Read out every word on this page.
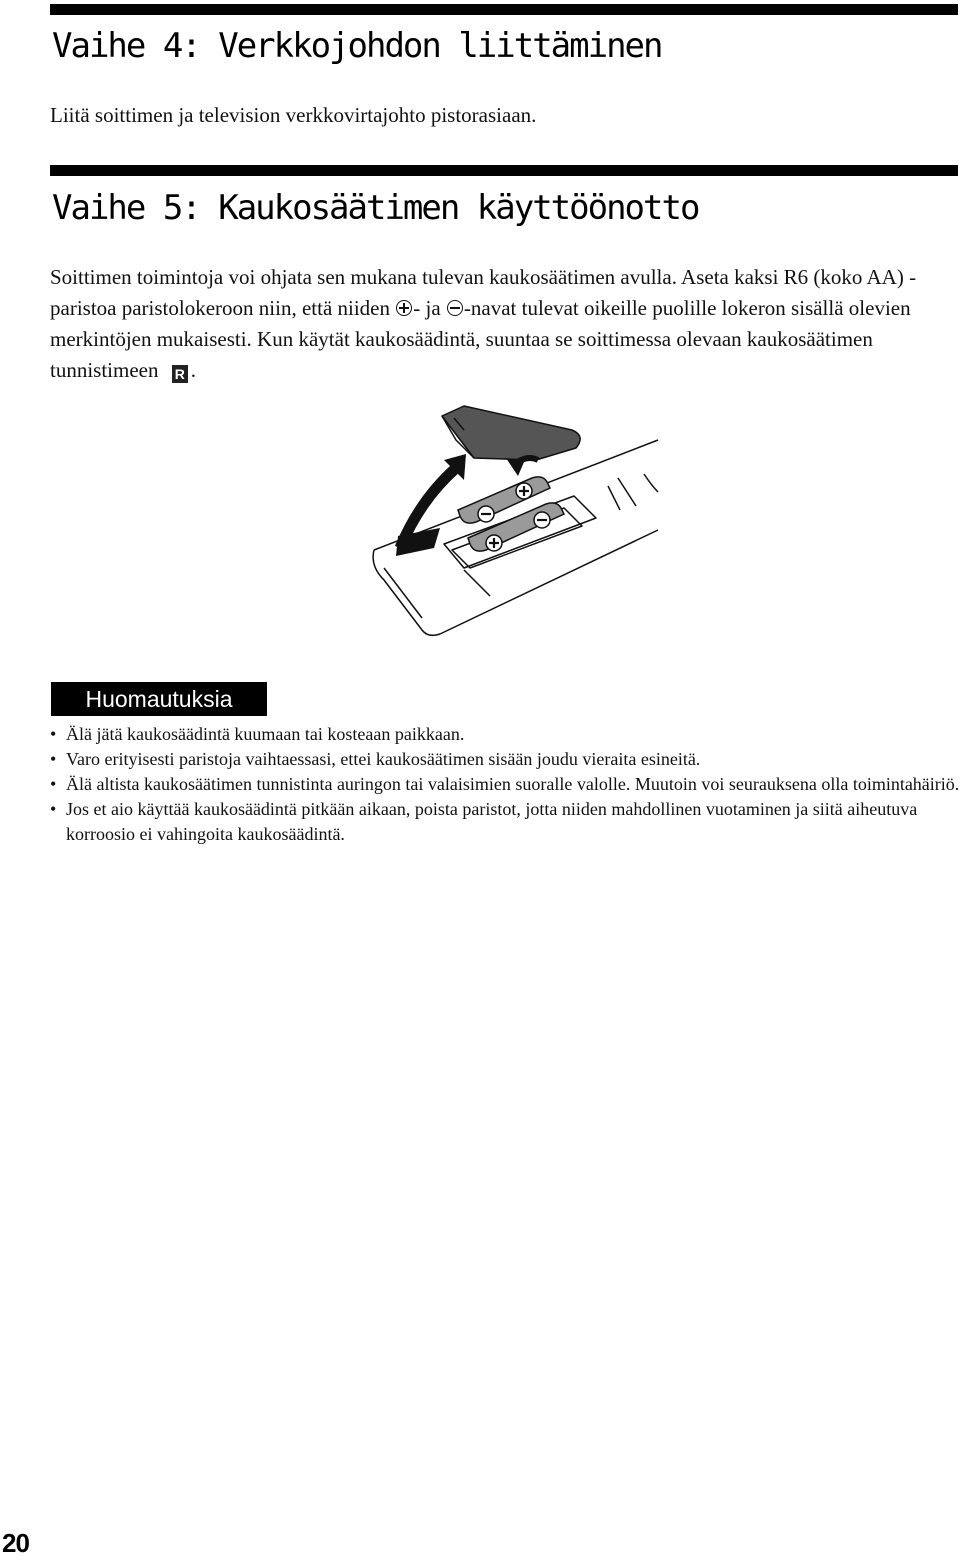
Vaihe 4: Verkkojohdon liittäminen

Liitä soittimen ja television verkkovirtajohto pistorasiaan.

Vaihe 5: Kaukosäätimen käyttöönotto

Soittimen toimintoja voi ohjata sen mukana tulevan kaukosäätimen avulla. Aseta kaksi R6 (koko AA) -paristoa paristolokeroon niin, että niiden - ja -navat tulevat oikeille puolille lokeron sisällä olevien merkintöjen mukaisesti. Kun käytät kaukosäädintä, suuntaa se soittimessa olevaan kaukosäätimen tunnistimeen R .

Huomautuksia
• Älä jätä kaukosäädintä kuumaan tai kosteaan paikkaan.
• Varo erityisesti paristoja vaihtaessasi, ettei kaukosäätimen sisään joudu vieraita esineitä.
• Älä altista kaukosäätimen tunnistinta auringon tai valaisimien suoralle valolle. Muutoin voi seurauksena olla toimintahäiriö.
• Jos et aio käyttää kaukosäädintä pitkään aikaan, poista paristot, jotta niiden mahdollinen vuotaminen ja siitä aiheutuva korroosio ei vahingoita kaukosäädintä.
20
